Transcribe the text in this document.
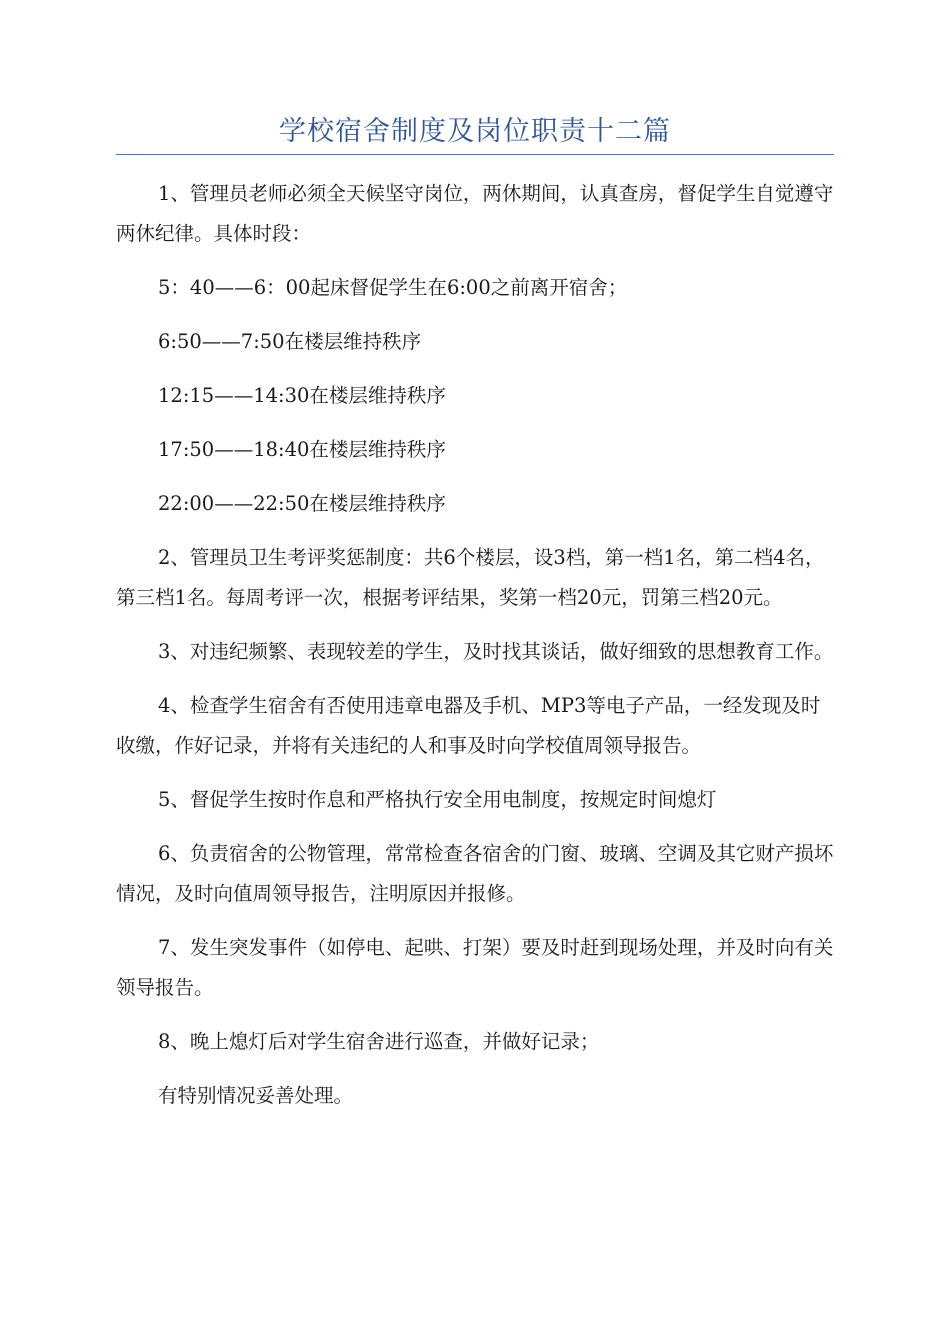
学校宿舍制度及岗位职责十二篇

1、管理员老师必须全天候坚守岗位，两休期间，认真查房，督促学生自觉遵守两休纪律。具体时段：

5：40——6：00起床督促学生在6:00之前离开宿舍；

6:50——7:50在楼层维持秩序

12:15——14:30在楼层维持秩序

17:50——18:40在楼层维持秩序

22:00——22:50在楼层维持秩序

2、管理员卫生考评奖惩制度：共6个楼层，设3档，第一档1名，第二档4名，第三档1名。每周考评一次，根据考评结果，奖第一档20元，罚第三档20元。

3、对违纪频繁、表现较差的学生，及时找其谈话，做好细致的思想教育工作。

4、检查学生宿舍有否使用违章电器及手机、MP3等电子产品，一经发现及时收缴，作好记录，并将有关违纪的人和事及时向学校值周领导报告。

5、督促学生按时作息和严格执行安全用电制度，按规定时间熄灯

6、负责宿舍的公物管理，常常检查各宿舍的门窗、玻璃、空调及其它财产损坏情况，及时向值周领导报告，注明原因并报修。

7、发生突发事件（如停电、起哄、打架）要及时赶到现场处理，并及时向有关领导报告。

8、晚上熄灯后对学生宿舍进行巡查，并做好记录；

有特别情况妥善处理。
